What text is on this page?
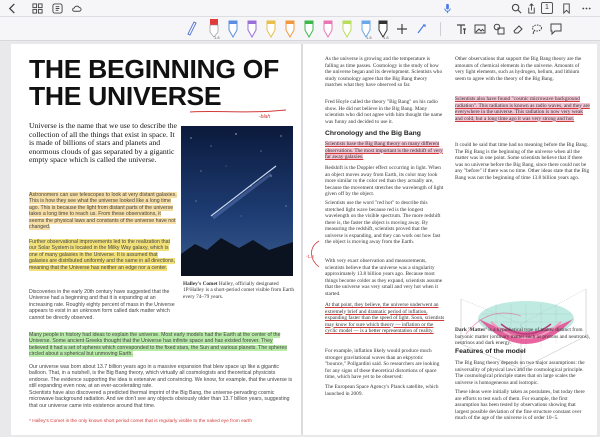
1
1.8	1.8	1.8
THE BEGINNING OF
THE UNIVERSE
-blah
Universe is the name that we use to describe the collection of all the things that exist in space. It is made of billions of stars and planets and enormous clouds of gas separated by a gigantic empty space which is called the universe.
Astronomers can use telescopes to look at very distant galaxies. This is how they see what the universe looked like a long time ago. This is because the light from distant parts of the universe takes a long time to reach us. From these observations, it seems the physical laws and constants of the universe have not changed.
Further observational improvements led to the realization that our Solar System is located in the Milky Way galaxy, which is one of many galaxies in the Universe. It is assumed that galaxies are distributed uniformly and the same in all directions, meaning that the Universe has neither an edge nor a center.
Discoveries in the early 20th century have suggested that the Universe had a beginning and that it is expanding at an increasing rate. Roughly eighty percent of mass in the Universe appears to exist in an unknown form called dark matter which cannot be directly observed.
Many people in history had ideas to explain the universe. Most early models had the Earth at the center of the Universe. Some ancient Greeks thought that the Universe has infinite space and has existed forever. They believed it had a set of spheres which corresponded to the fixed stars, the Sun and various planets. The spheres circled about a spherical but unmoving Earth.
Our universe was born about 13.7 billion years ago in a massive expansion that blew space up like a gigantic balloon. That, in a nutshell, is the Big Bang theory, which virtually all cosmologists and theoretical physicists endorse. The evidence supporting the idea is extensive and convincing. We know, for example, that the universe is still expanding even now, at an ever-accelerating rate.
Scientists have also discovered a predicted thermal imprint of the Big Bang, the universe-pervading cosmic microwave background radiation. And we don't see any objects obviously older than 13.7 billion years, suggesting that our universe came into existence around that time.
Halley's Comet Halley, officially designated 1P/Halley is a short-period comet visible from Earth every 74–79 years.
* Halley's Comet is the only known short period comet that is regularly visible to the naked eye from earth
As the universe is growing and the temperature is falling as time passes. Cosmology is the study of how the universe began and its development. Scientists who study cosmology agree that the Big Bang theory matches what they have observed so far.
Fred Hoyle called the theory "Big Bang" on his radio show. He did not believe in the Big Bang. Many scientists who did not agree with him thought the name was funny and decided to use it.
Chronology and the Big Bang
Scientists base the Big Bang theory on many different observations. The most important is the redshift of very far away galaxies.
Redshift is the Doppler effect occurring in light. When an object moves away from Earth, its color may look more similar to the color red than they actually are, because the movement stretches the wavelength of light given off by the object.
Scientists use the word "red hot" to describe this stretched light wave because red is the longest wavelength on the visible spectrum. The more redshift there is, the faster the object is moving away. By measuring the redshift, scientists proved that the universe is expanding, and they can work out how fast the object is moving away from the Earth.
With very exact observation and measurements, scientists believe that the universe was a singularity approximately 13.8 billion years ago. Because most things become colder as they expand, scientists assume that the universe was very small and very hot when it started.
At that point, they believe, the universe underwent an extremely brief and dramatic period of inflation, expanding faster than the speed of light. Soon, scientists may know for sure which theory — inflation or the cyclic model — is a better representation of reality.
For example, inflation likely would produce much stronger gravitational waves than an ekpyrotic "bounce," Pollgardini said. So researchers are looking for any signs of these theoretical distortions of space time, which have yet to be observed:
The European Space Agency's Planck satellite, which launched in 2009.
-1.8
Other observations that support the Big Bang theory are the amounts of chemical elements in the universe. Amounts of very light elements, such as hydrogen, helium, and lithium seem to agree with the theory of the Big Bang.
Scientists also have found "cosmic microwave background radiation". This radiation is known as radio waves, and they are everywhere in the universe. This radiation is now very weak and cold, but a long time ago it was very strong and hot.
It could be said that time had no meaning before the Big Bang. The Big Bang is the beginning of the universe when all the matter was in one point. Some scientists believe that if there was no universe before the Big Bang, since there could not be any "before" if there was no time. Other ideas state that the Big Bang was not the beginning of time 13.8 billion years ago.
Dark 'Matter' is a hypothetical type of matter distinct from baryonic matter (ordinary matter such as protons and neutrons), neutrinos and dark energy.
Features of the model
The Big Bang theory depends on two major assumptions: the universality of physical laws and the cosmological principle. The cosmological principle states that on large scales the universe is homogeneous and isotropic.
These ideas were initially taken as postulates, but today there are efforts to test each of them. For example, the first assumption has been tested by observations showing that largest possible deviation of the fine structure constant over much of the age of the universe is of order 10−5.
